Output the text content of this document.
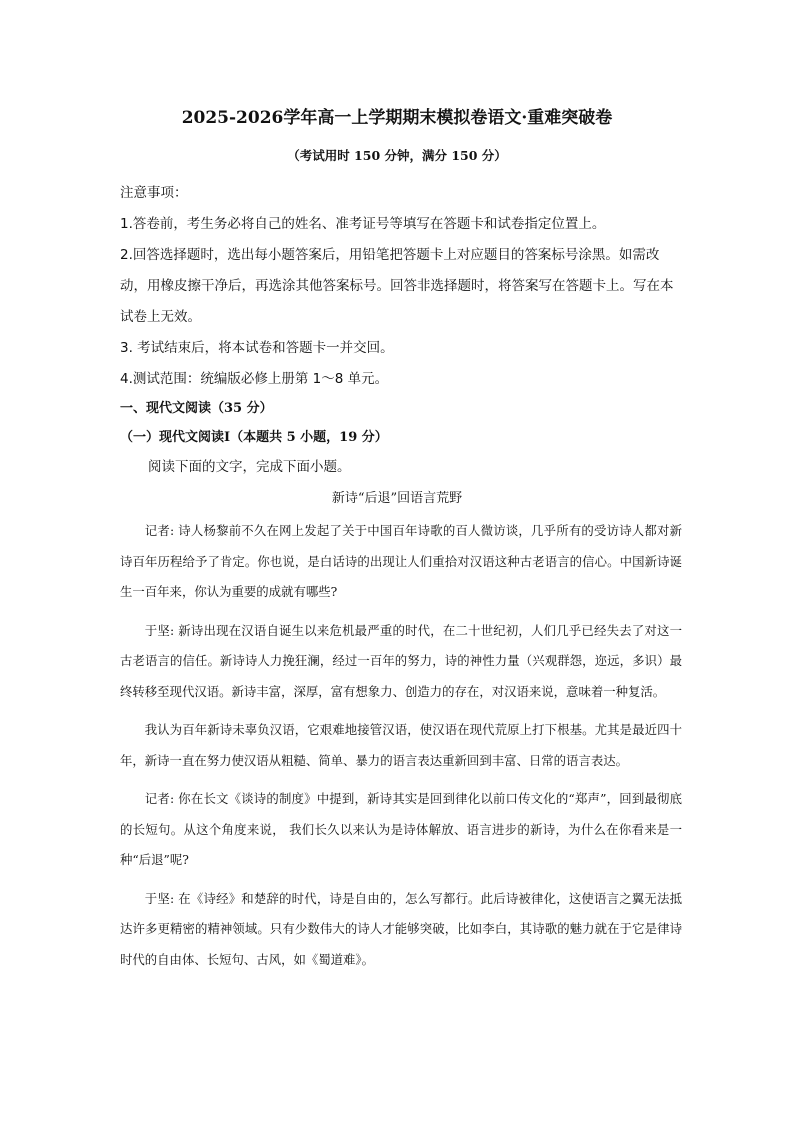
2025-2026学年高一上学期期末模拟卷语文·重难突破卷
（考试用时 150 分钟，满分 150 分）

注意事项：

1.答卷前，考生务必将自己的姓名、准考证号等填写在答题卡和试卷指定位置上。

2.回答选择题时，选出每小题答案后，用铅笔把答题卡上对应题目的答案标号涂黑。如需改动，用橡皮擦干净后，再选涂其他答案标号。回答非选择题时，将答案写在答题卡上。写在本试卷上无效。

3. 考试结束后，将本试卷和答题卡一并交回。

4.测试范围：统编版必修上册第 1～8 单元。

一、现代文阅读（35 分）
（一）现代文阅读Ⅰ（本题共 5 小题，19 分）
阅读下面的文字，完成下面小题。
新诗“后退”回语言荒野

记者: 诗人杨黎前不久在网上发起了关于中国百年诗歌的百人微访谈，几乎所有的受访诗人都对新诗百年历程给予了肯定。你也说，是白话诗的出现让人们重拾对汉语这种古老语言的信心。中国新诗诞生一百年来，你认为重要的成就有哪些?

于坚: 新诗出现在汉语自诞生以来危机最严重的时代，在二十世纪初，人们几乎已经失去了对这一古老语言的信任。新诗诗人力挽狂澜，经过一百年的努力，诗的神性力量（兴观群怨，迩远，多识）最终转移至现代汉语。新诗丰富，深厚，富有想象力、创造力的存在，对汉语来说，意味着一种复活。

我认为百年新诗未辜负汉语，它艰难地接管汉语，使汉语在现代荒原上打下根基。尤其是最近四十年，新诗一直在努力使汉语从粗糙、简单、暴力的语言表达重新回到丰富、日常的语言表达。

记者: 你在长文《谈诗的制度》中提到，新诗其实是回到律化以前口传文化的“郑声”，回到最彻底的长短句。从这个角度来说， 我们长久以来认为是诗体解放、语言进步的新诗，为什么在你看来是一种“后退”呢?

于坚: 在《诗经》和楚辞的时代，诗是自由的，怎么写都行。此后诗被律化，这使语言之翼无法抵达许多更精密的精神领域。只有少数伟大的诗人才能够突破，比如李白，其诗歌的魅力就在于它是律诗时代的自由体、长短句、古风，如《蜀道难》。
